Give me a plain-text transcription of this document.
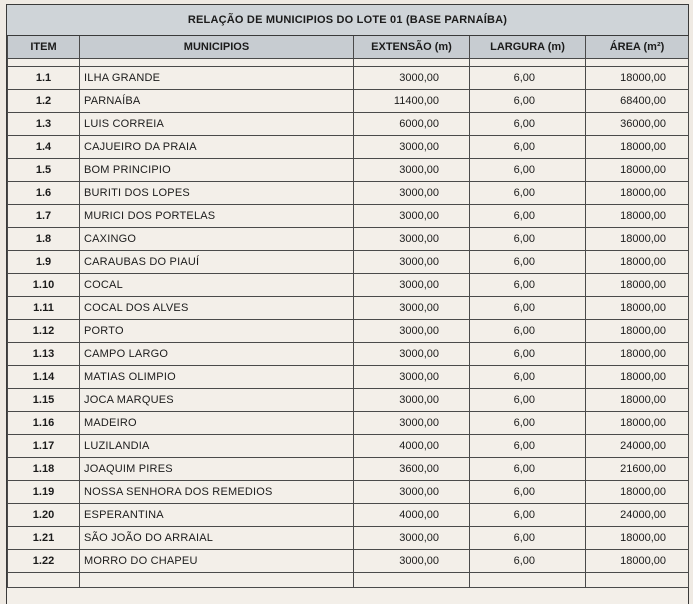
RELAÇÃO DE MUNICIPIOS DO LOTE 01 (BASE PARNAÍBA)
ITEM	MUNICIPIOS	EXTENSÃO (m)	LARGURA (m)	ÁREA (m²)

1.1	ILHA GRANDE	3000,00	6,00	18000,00
1.2	PARNAÍBA	11400,00	6,00	68400,00
1.3	LUIS CORREIA	6000,00	6,00	36000,00
1.4	CAJUEIRO DA PRAIA	3000,00	6,00	18000,00
1.5	BOM PRINCIPIO	3000,00	6,00	18000,00
1.6	BURITI DOS LOPES	3000,00	6,00	18000,00
1.7	MURICI DOS PORTELAS	3000,00	6,00	18000,00
1.8	CAXINGO	3000,00	6,00	18000,00
1.9	CARAUBAS DO PIAUÍ	3000,00	6,00	18000,00
1.10	COCAL	3000,00	6,00	18000,00
1.11	COCAL DOS ALVES	3000,00	6,00	18000,00
1.12	PORTO	3000,00	6,00	18000,00
1.13	CAMPO LARGO	3000,00	6,00	18000,00
1.14	MATIAS OLIMPIO	3000,00	6,00	18000,00
1.15	JOCA MARQUES	3000,00	6,00	18000,00
1.16	MADEIRO	3000,00	6,00	18000,00
1.17	LUZILANDIA	4000,00	6,00	24000,00
1.18	JOAQUIM PIRES	3600,00	6,00	21600,00
1.19	NOSSA SENHORA DOS REMEDIOS	3000,00	6,00	18000,00
1.20	ESPERANTINA	4000,00	6,00	24000,00
1.21	SÃO JOÃO DO ARRAIAL	3000,00	6,00	18000,00
1.22	MORRO DO CHAPEU	3000,00	6,00	18000,00
